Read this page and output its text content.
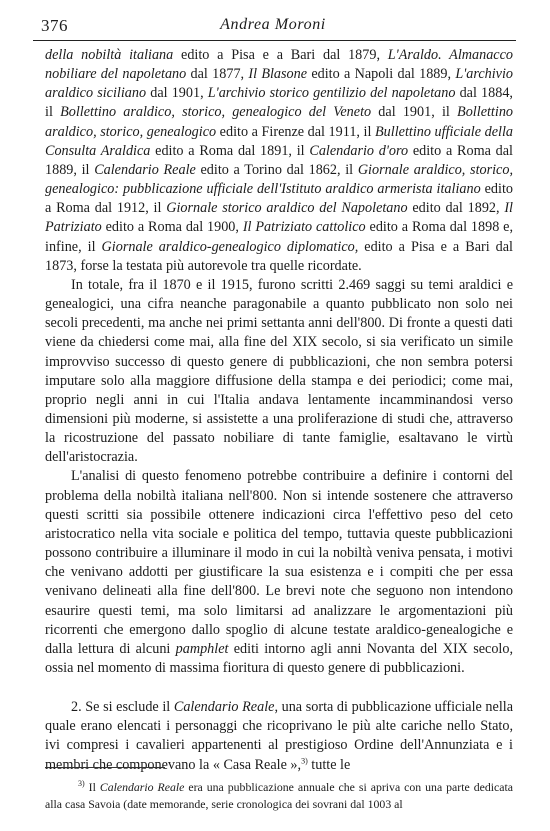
376	Andrea Moroni

della nobiltà italiana edito a Pisa e a Bari dal 1879, L'Araldo. Almanacco nobiliare del napoletano dal 1877, Il Blasone edito a Napoli dal 1889, L'archivio araldico siciliano dal 1901, L'archivio storico gentilizio del napoletano dal 1884, il Bollettino araldico, storico, genealogico del Veneto dal 1901, il Bollettino araldico, storico, genealogico edito a Firenze dal 1911, il Bullettino ufficiale della Consulta Araldica edito a Roma dal 1891, il Calendario d'oro edito a Roma dal 1889, il Calendario Reale edito a Torino dal 1862, il Giornale araldico, storico, genealogico: pubblicazione ufficiale dell'Istituto araldico armerista italiano edito a Roma dal 1912, il Giornale storico araldico del Napoletano edito dal 1892, Il Patriziato edito a Roma dal 1900, Il Patriziato cattolico edito a Roma dal 1898 e, infine, il Giornale araldico-genealogico diplomatico, edito a Pisa e a Bari dal 1873, forse la testata più autorevole tra quelle ricordate.

In totale, fra il 1870 e il 1915, furono scritti 2.469 saggi su temi araldici e genealogici, una cifra neanche paragonabile a quanto pubblicato non solo nei secoli precedenti, ma anche nei primi settanta anni dell'800. Di fronte a questi dati viene da chiedersi come mai, alla fine del XIX secolo, si sia verificato un simile improvviso successo di questo genere di pubblicazioni, che non sembra potersi imputare solo alla maggiore diffusione della stampa e dei periodici; come mai, proprio negli anni in cui l'Italia andava lentamente incamminandosi verso dimensioni più moderne, si assistette a una proliferazione di studi che, attraverso la ricostruzione del passato nobiliare di tante famiglie, esaltavano le virtù dell'aristocrazia.

L'analisi di questo fenomeno potrebbe contribuire a definire i contorni del problema della nobiltà italiana nell'800. Non si intende sostenere che attraverso questi scritti sia possibile ottenere indicazioni circa l'effettivo peso del ceto aristocratico nella vita sociale e politica del tempo, tuttavia queste pubblicazioni possono contribuire a illuminare il modo in cui la nobiltà veniva pensata, i motivi che venivano addotti per giustificare la sua esistenza e i compiti che per essa venivano delineati alla fine dell'800. Le brevi note che seguono non intendono esaurire questi temi, ma solo limitarsi ad analizzare le argomentazioni più ricorrenti che emergono dallo spoglio di alcune testate araldico-genealogiche e dalla lettura di alcuni pamphlet editi intorno agli anni Novanta del XIX secolo, ossia nel momento di massima fioritura di questo genere di pubblicazioni.

2. Se si esclude il Calendario Reale, una sorta di pubblicazione ufficiale nella quale erano elencati i personaggi che ricoprivano le più alte cariche nello Stato, ivi compresi i cavalieri appartenenti al prestigioso Ordine dell'Annunziata e i membri che componevano la « Casa Reale »,$^{3)}$ tutte le

$^{3)}$ Il Calendario Reale era una pubblicazione annuale che si apriva con una parte dedicata alla casa Savoia (date memorande, serie cronologica dei sovrani dal 1003 al
